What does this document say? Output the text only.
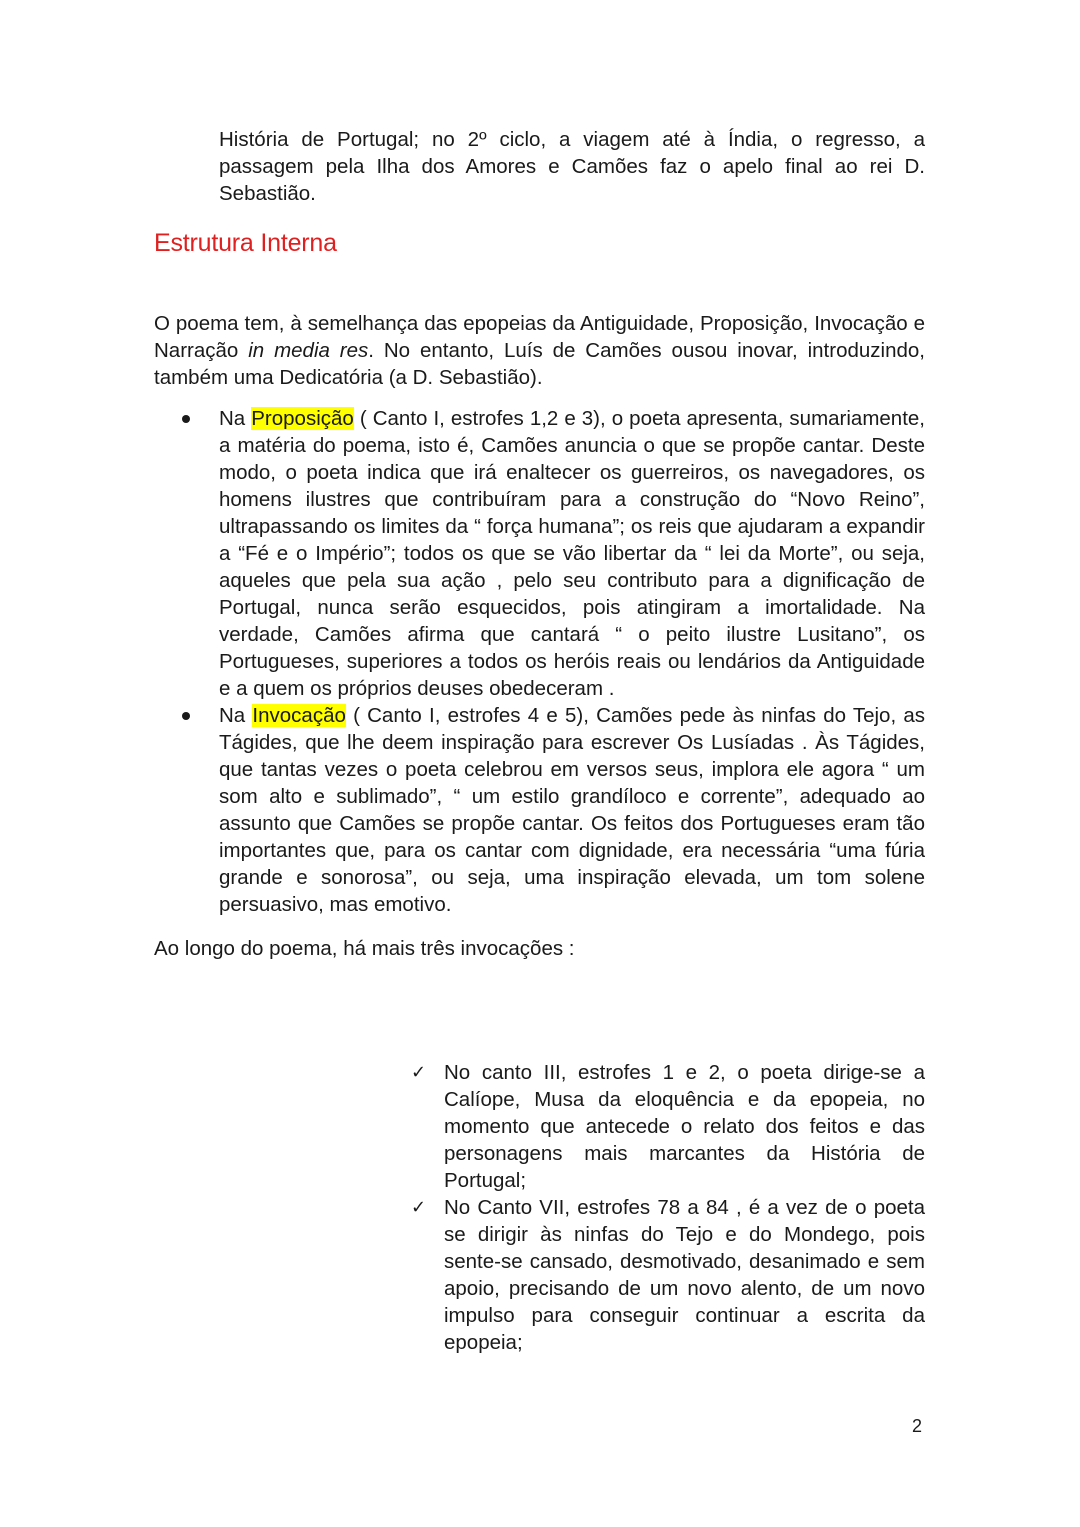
História de Portugal; no 2º ciclo, a viagem até à Índia, o regresso, a passagem pela Ilha dos Amores e Camões faz o apelo final ao rei D. Sebastião.

Estrutura Interna

O poema tem, à semelhança das epopeias da Antiguidade, Proposição, Invocação e Narração in media res. No entanto, Luís de Camões ousou inovar, introduzindo, também uma Dedicatória (a D. Sebastião).

Na Proposição ( Canto I, estrofes 1,2 e 3), o poeta apresenta, sumariamente, a matéria do poema, isto é, Camões anuncia o que se propõe cantar. Deste modo, o poeta indica que irá enaltecer os guerreiros, os navegadores, os homens ilustres que contribuíram para a construção do “Novo Reino”, ultrapassando os limites da “ força humana”; os reis que ajudaram a expandir a “Fé e o Império”; todos os que se vão libertar da “ lei da Morte”, ou seja, aqueles que pela sua ação , pelo seu contributo para a dignificação de Portugal, nunca serão esquecidos, pois atingiram a imortalidade. Na verdade, Camões afirma que cantará “ o peito ilustre Lusitano”, os Portugueses, superiores a todos os heróis reais ou lendários da Antiguidade e a quem os próprios deuses obedeceram .
Na Invocação ( Canto I, estrofes 4 e 5), Camões pede às ninfas do Tejo, as Tágides, que lhe deem inspiração para escrever Os Lusíadas . Às Tágides, que tantas vezes o poeta celebrou em versos seus, implora ele agora “ um som alto e sublimado”, “ um estilo grandíloco e corrente”, adequado ao assunto que Camões se propõe cantar. Os feitos dos Portugueses eram tão importantes que, para os cantar com dignidade, era necessária “uma fúria grande e sonorosa”, ou seja, uma inspiração elevada, um tom solene persuasivo, mas emotivo.

Ao longo do poema, há mais três invocações :

✓ No canto III, estrofes 1 e 2, o poeta dirige-se a Calíope, Musa da eloquência e da epopeia, no momento que antecede o relato dos feitos e das personagens mais marcantes da História de Portugal;
✓ No Canto VII, estrofes 78 a 84 , é a vez de o poeta se dirigir às ninfas do Tejo e do Mondego, pois sente-se cansado, desmotivado, desanimado e sem apoio, precisando de um novo alento, de um novo impulso para conseguir continuar a escrita da epopeia;
2
